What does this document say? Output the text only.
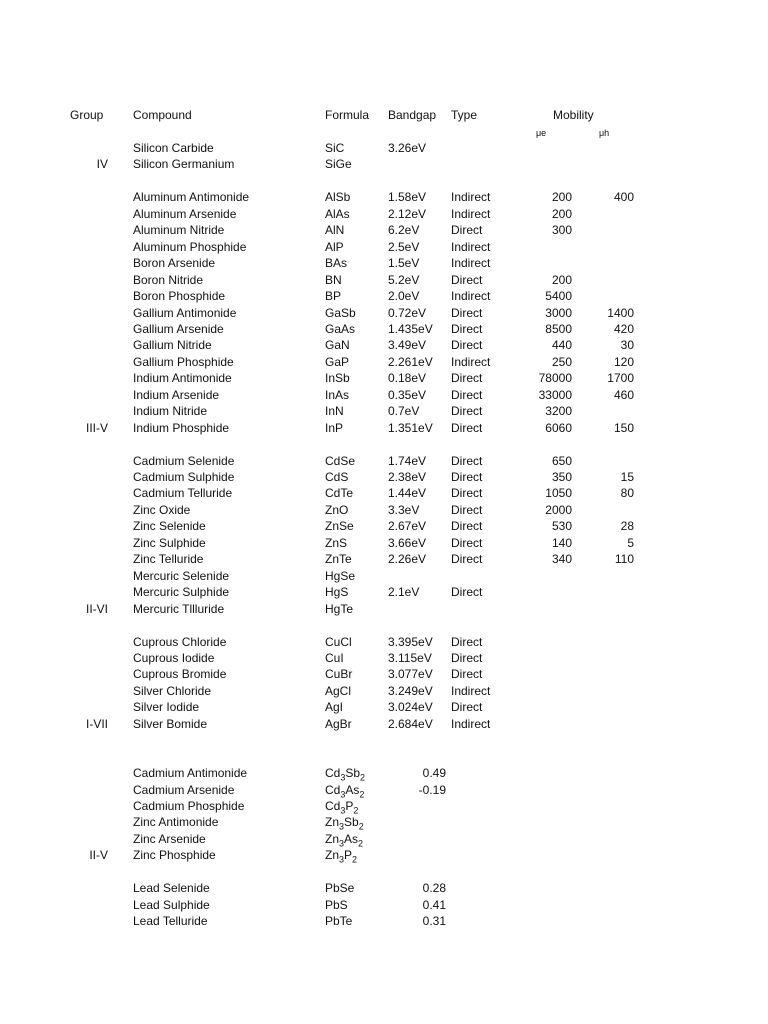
Group Compound	Formula Bandgap Type	Mobility
μe	μh
Silicon Carbide	SiC	3.26eV
IV Silicon Germanium	SiGe
Aluminum Antimonide	AlSb	1.58eV Indirect	200	400
Aluminum Arsenide	AlAs	2.12eV Indirect	200
Aluminum Nitride	AlN	6.2eV	Direct	300
Aluminum Phosphide	AlP	2.5eV	Indirect
Boron Arsenide	BAs	1.5eV	Indirect
Boron Nitride	BN	5.2eV	Direct	200
Boron Phosphide	BP	2.0eV	Indirect	5400
Gallium Antimonide	GaSb	0.72eV Direct	3000	1400
Gallium Arsenide	GaAs	1.435eV Direct	8500	420
Gallium Nitride	GaN	3.49eV Direct	440	30
Gallium Phosphide	GaP	2.261eV Indirect	250	120
Indium Antimonide	InSb	0.18eV Direct	78000	1700
Indium Arsenide	InAs	0.35eV Direct	33000	460
Indium Nitride	InN	0.7eV	Direct	3200
III-V Indium Phosphide	InP	1.351eV Direct	6060	150
Cadmium Selenide	CdSe	1.74eV Direct	650
Cadmium Sulphide	CdS	2.38eV Direct	350	15
Cadmium Telluride	CdTe	1.44eV Direct	1050	80
Zinc Oxide	ZnO	3.3eV	Direct	2000
Zinc Selenide	ZnSe	2.67eV Direct	530	28
Zinc Sulphide	ZnS	3.66eV Direct	140	5
Zinc Telluride	ZnTe	2.26eV Direct	340	110
Mercuric Selenide	HgSe
Mercuric Sulphide	HgS	2.1eV	Direct
II-VI Mercuric Tllluride	HgTe
Cuprous Chloride	CuCl	3.395eV Direct
Cuprous Iodide	CuI	3.115eV Direct
Cuprous Bromide	CuBr	3.077eV Direct
Silver Chloride	AgCl	3.249eV Indirect
Silver Iodide	AgI	3.024eV Direct
I-VII Silver Bomide	AgBr	2.684eV Indirect
Cadmium Antimonide	$Cd_3Sb_2$	0.49
Cadmium Arsenide	$Cd_3As_2$	-0.19
Cadmium Phosphide	$Cd_3P_2$
Zinc Antimonide	$Zn_3Sb_2$
Zinc Arsenide	$Zn_3As_2$
II-V Zinc Phosphide	$Zn_3P_2$
Lead Selenide	PbSe	0.28
Lead Sulphide	PbS	0.41
Lead Telluride	PbTe	0.31
